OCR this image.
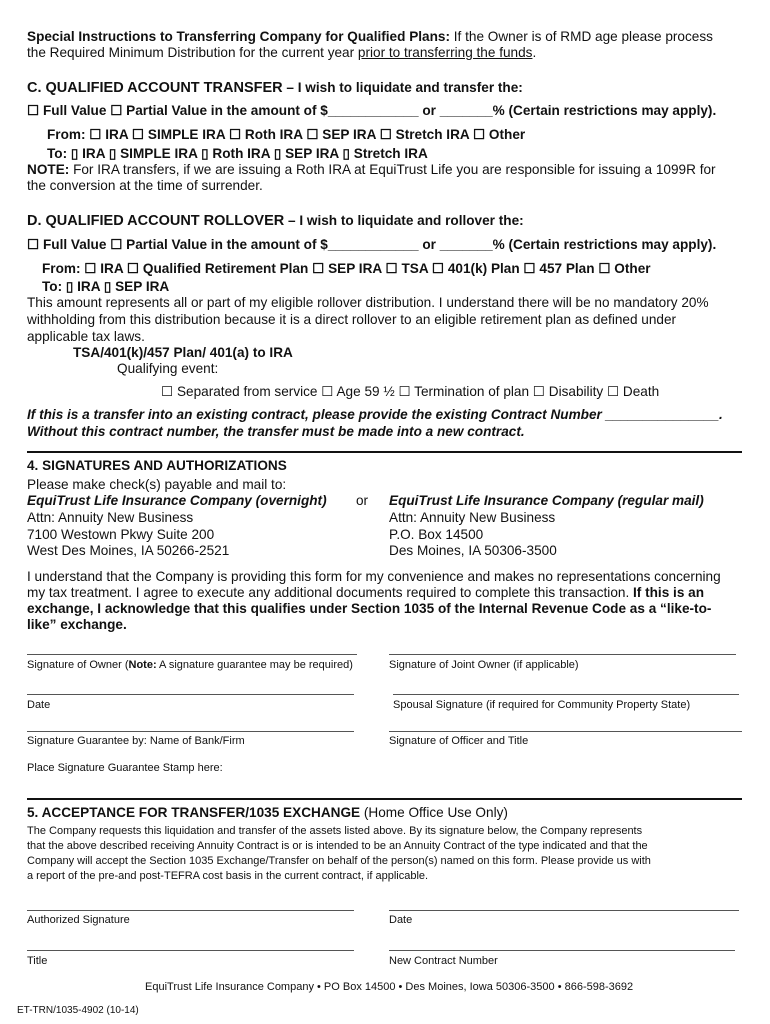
Special Instructions to Transferring Company for Qualified Plans: If the Owner is of RMD age please process
the Required Minimum Distribution for the current year prior to transferring the funds.
C. QUALIFIED ACCOUNT TRANSFER – I wish to liquidate and transfer the:
☐ Full Value ☐ Partial Value in the amount of $____________ or _______% (Certain restrictions may apply).
From: ☐ IRA ☐ SIMPLE IRA ☐ Roth IRA ☐ SEP IRA ☐ Stretch IRA ☐ Other
To: ▯ IRA ▯ SIMPLE IRA ▯ Roth IRA ▯ SEP IRA ▯ Stretch IRA
NOTE: For IRA transfers, if we are issuing a Roth IRA at EquiTrust Life you are responsible for issuing a 1099R for
the conversion at the time of surrender.
D. QUALIFIED ACCOUNT ROLLOVER – I wish to liquidate and rollover the:
☐ Full Value ☐ Partial Value in the amount of $____________ or _______% (Certain restrictions may apply).
From: ☐ IRA ☐ Qualified Retirement Plan ☐ SEP IRA ☐ TSA ☐ 401(k) Plan ☐ 457 Plan ☐ Other
To: ▯ IRA ▯ SEP IRA
This amount represents all or part of my eligible rollover distribution. I understand there will be no mandatory 20%
withholding from this distribution because it is a direct rollover to an eligible retirement plan as defined under
applicable tax laws.
TSA/401(k)/457 Plan/ 401(a) to IRA
Qualifying event:
☐ Separated from service ☐ Age 59 ½ ☐ Termination of plan ☐ Disability ☐ Death
If this is a transfer into an existing contract, please provide the existing Contract Number _______________.
Without this contract number, the transfer must be made into a new contract.
4. SIGNATURES AND AUTHORIZATIONS
Please make check(s) payable and mail to:
EquiTrust Life Insurance Company (overnight) or EquiTrust Life Insurance Company (regular mail)
Attn: Annuity New Business	Attn: Annuity New Business
7100 Westown Pkwy Suite 200	P.O. Box 14500
West Des Moines, IA 50266-2521	Des Moines, IA 50306-3500
I understand that the Company is providing this form for my convenience and makes no representations concerning
my tax treatment. I agree to execute any additional documents required to complete this transaction. If this is an
exchange, I acknowledge that this qualifies under Section 1035 of the Internal Revenue Code as a “like-to-
like” exchange.
Signature of Owner (Note: A signature guarantee may be required)	Signature of Joint Owner (if applicable)
Date	Spousal Signature (if required for Community Property State)
Signature Guarantee by: Name of Bank/Firm	Signature of Officer and Title
Place Signature Guarantee Stamp here:
5. ACCEPTANCE FOR TRANSFER/1035 EXCHANGE (Home Office Use Only)
The Company requests this liquidation and transfer of the assets listed above. By its signature below, the Company represents
that the above described receiving Annuity Contract is or is intended to be an Annuity Contract of the type indicated and that the
Company will accept the Section 1035 Exchange/Transfer on behalf of the person(s) named on this form. Please provide us with
a report of the pre-and post-TEFRA cost basis in the current contract, if applicable.
Authorized Signature	Date
Title	New Contract Number
EquiTrust Life Insurance Company • PO Box 14500 • Des Moines, Iowa 50306-3500 • 866-598-3692
ET-TRN/1035-4902 (10-14)
